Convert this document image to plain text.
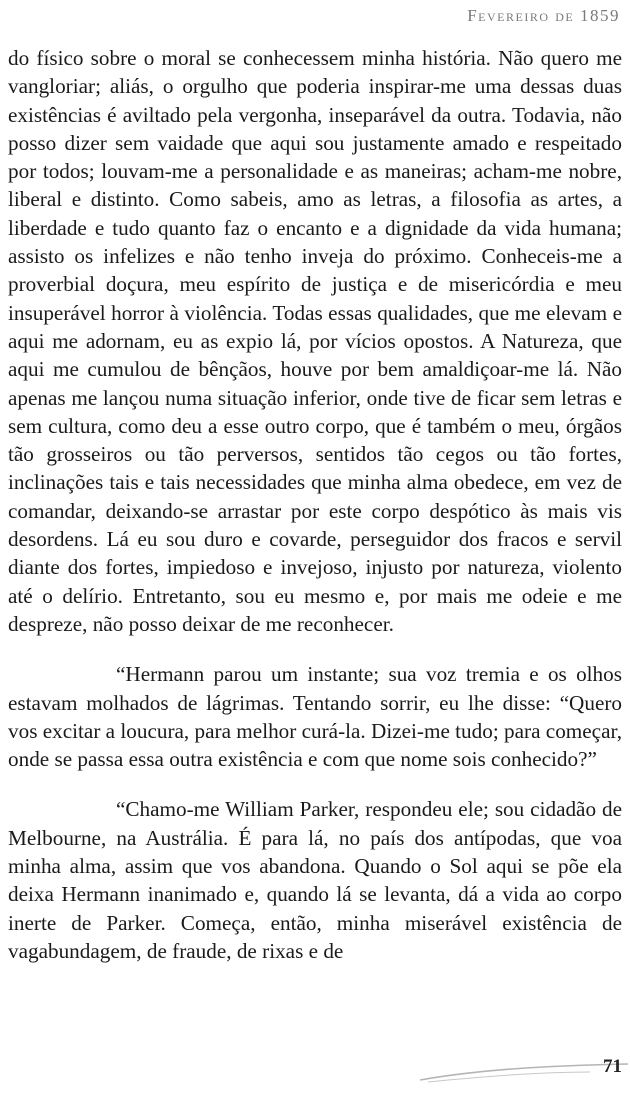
Fevereiro de 1859

do físico sobre o moral se conhecessem minha história. Não quero me vangloriar; aliás, o orgulho que poderia inspirar-me uma dessas duas existências é aviltado pela vergonha, inseparável da outra. Todavia, não posso dizer sem vaidade que aqui sou justamente amado e respeitado por todos; louvam-me a personalidade e as maneiras; acham-me nobre, liberal e distinto. Como sabeis, amo as letras, a filosofia as artes, a liberdade e tudo quanto faz o encanto e a dignidade da vida humana; assisto os infelizes e não tenho inveja do próximo. Conheceis-me a proverbial doçura, meu espírito de justiça e de misericórdia e meu insuperável horror à violência. Todas essas qualidades, que me elevam e aqui me adornam, eu as expio lá, por vícios opostos. A Natureza, que aqui me cumulou de bênçãos, houve por bem amaldiçoar-me lá. Não apenas me lançou numa situação inferior, onde tive de ficar sem letras e sem cultura, como deu a esse outro corpo, que é também o meu, órgãos tão grosseiros ou tão perversos, sentidos tão cegos ou tão fortes, inclinações tais e tais necessidades que minha alma obedece, em vez de comandar, deixando-se arrastar por este corpo despótico às mais vis desordens. Lá eu sou duro e covarde, perseguidor dos fracos e servil diante dos fortes, impiedoso e invejoso, injusto por natureza, violento até o delírio. Entretanto, sou eu mesmo e, por mais me odeie e me despreze, não posso deixar de me reconhecer.

“Hermann parou um instante; sua voz tremia e os olhos estavam molhados de lágrimas. Tentando sorrir, eu lhe disse: “Quero vos excitar a loucura, para melhor curá-la. Dizei-me tudo; para começar, onde se passa essa outra existência e com que nome sois conhecido?”

“Chamo-me William Parker, respondeu ele; sou cidadão de Melbourne, na Austrália. É para lá, no país dos antípodas, que voa minha alma, assim que vos abandona. Quando o Sol aqui se põe ela deixa Hermann inanimado e, quando lá se levanta, dá a vida ao corpo inerte de Parker. Começa, então, minha miserável existência de vagabundagem, de fraude, de rixas e de

71
